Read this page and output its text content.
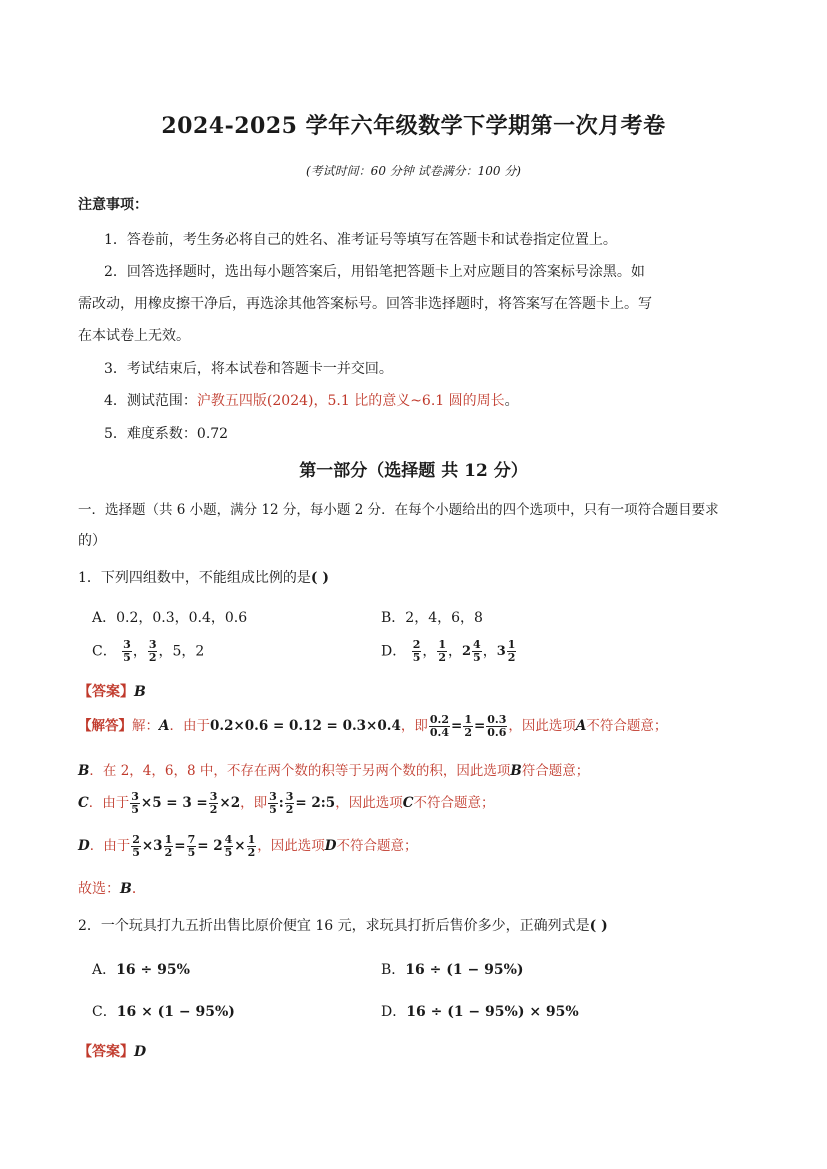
2024-2025 学年六年级数学下学期第一次月考卷
(考试时间：60 分钟 试卷满分：100 分)
注意事项：
1．答卷前，考生务必将自己的姓名、准考证号等填写在答题卡和试卷指定位置上。
2．回答选择题时，选出每小题答案后，用铅笔把答题卡上对应题目的答案标号涂黑。如
需改动，用橡皮擦干净后，再选涂其他答案标号。回答非选择题时，将答案写在答题卡上。写
在本试卷上无效。
3．考试结束后，将本试卷和答题卡一并交回。
4．测试范围：沪教五四版(2024)，5.1 比的意义~6.1 圆的周长。
5．难度系数：0.72
第一部分（选择题 共 12 分）
一．选择题（共 6 小题，满分 12 分，每小题 2 分．在每个小题给出的四个选项中，只有一项符合题目要求
的）
1．下列四组数中，不能组成比例的是( )
A．0.2，0.3，0.4，0.6	B．2，4，6，8
C． $\frac{3}{5}$ ， $\frac{3}{2}$ ，5，2	D． $\frac{2}{5}$ ， $\frac{1}{2}$ ，$2 \frac{4}{5}$ ，$3 \frac{1}{2}$
【答案】B
【解答】解：A．由于0.2×0.6 = 0.12 = 0.3×0.4，即 $\frac{0.2}{0.4} = \frac{1}{2} = \frac{0.3}{0.6}$ ，因此选项A不符合题意；
B．在 2，4，6，8 中，不存在两个数的积等于另两个数的积，因此选项B符合题意；
C．由于 $\frac{3}{5} \times 5 = 3 = \frac{3}{2} \times 2$，即 $\frac{3}{5}$ : $\frac{3}{2}$ = 2:5，因此选项C不符合题意；
D．由于 $\frac{2}{5} \times 3 \frac{1}{2} = \frac{7}{5} = 2 \frac{4}{5} \times \frac{1}{2}$ ，因此选项D不符合题意；
故选：B．
2．一个玩具打九五折出售比原价便宜 16 元，求玩具打折后售价多少，正确列式是( )
A．16 ÷ 95%	B．16 ÷ (1 − 95%)
C．16 × (1 − 95%)	D．16 ÷ (1 − 95%) × 95%
【答案】D
